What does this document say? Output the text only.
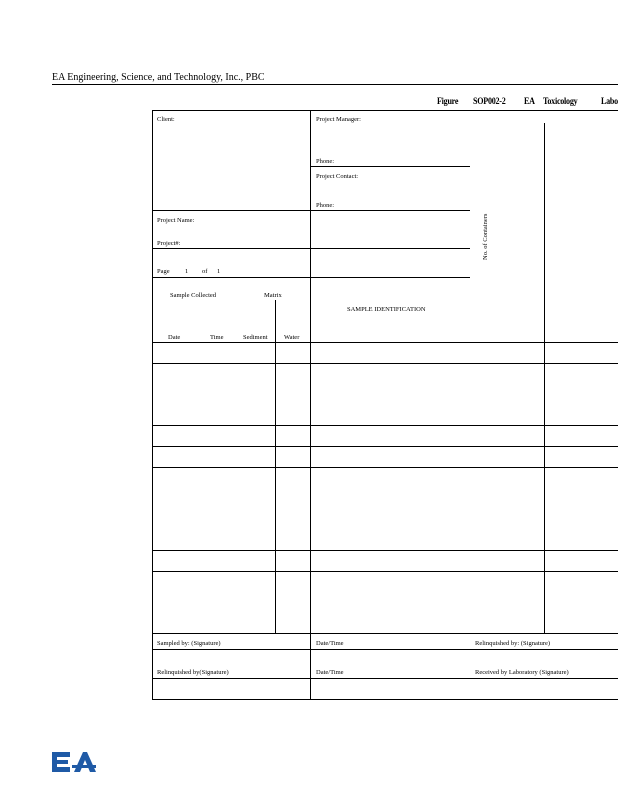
EA Engineering, Science, and Technology, Inc., PBC
Figure SOP002-2 EA Toxicology Labo
Client:	Project Manager:
Phone:
Project Contact:
Phone:
Project Name:
Project#:
Page 1 of 1
No. of Containers
Sample Collected	Matrix
SAMPLE IDENTIFICATION
Date	Time	Sediment	Water
Sampled by: (Signature)	Date/Time	Relinquished by: (Signature)
Relinquished by(Signature)	Date/Time	Received by Laboratory (Signature)
